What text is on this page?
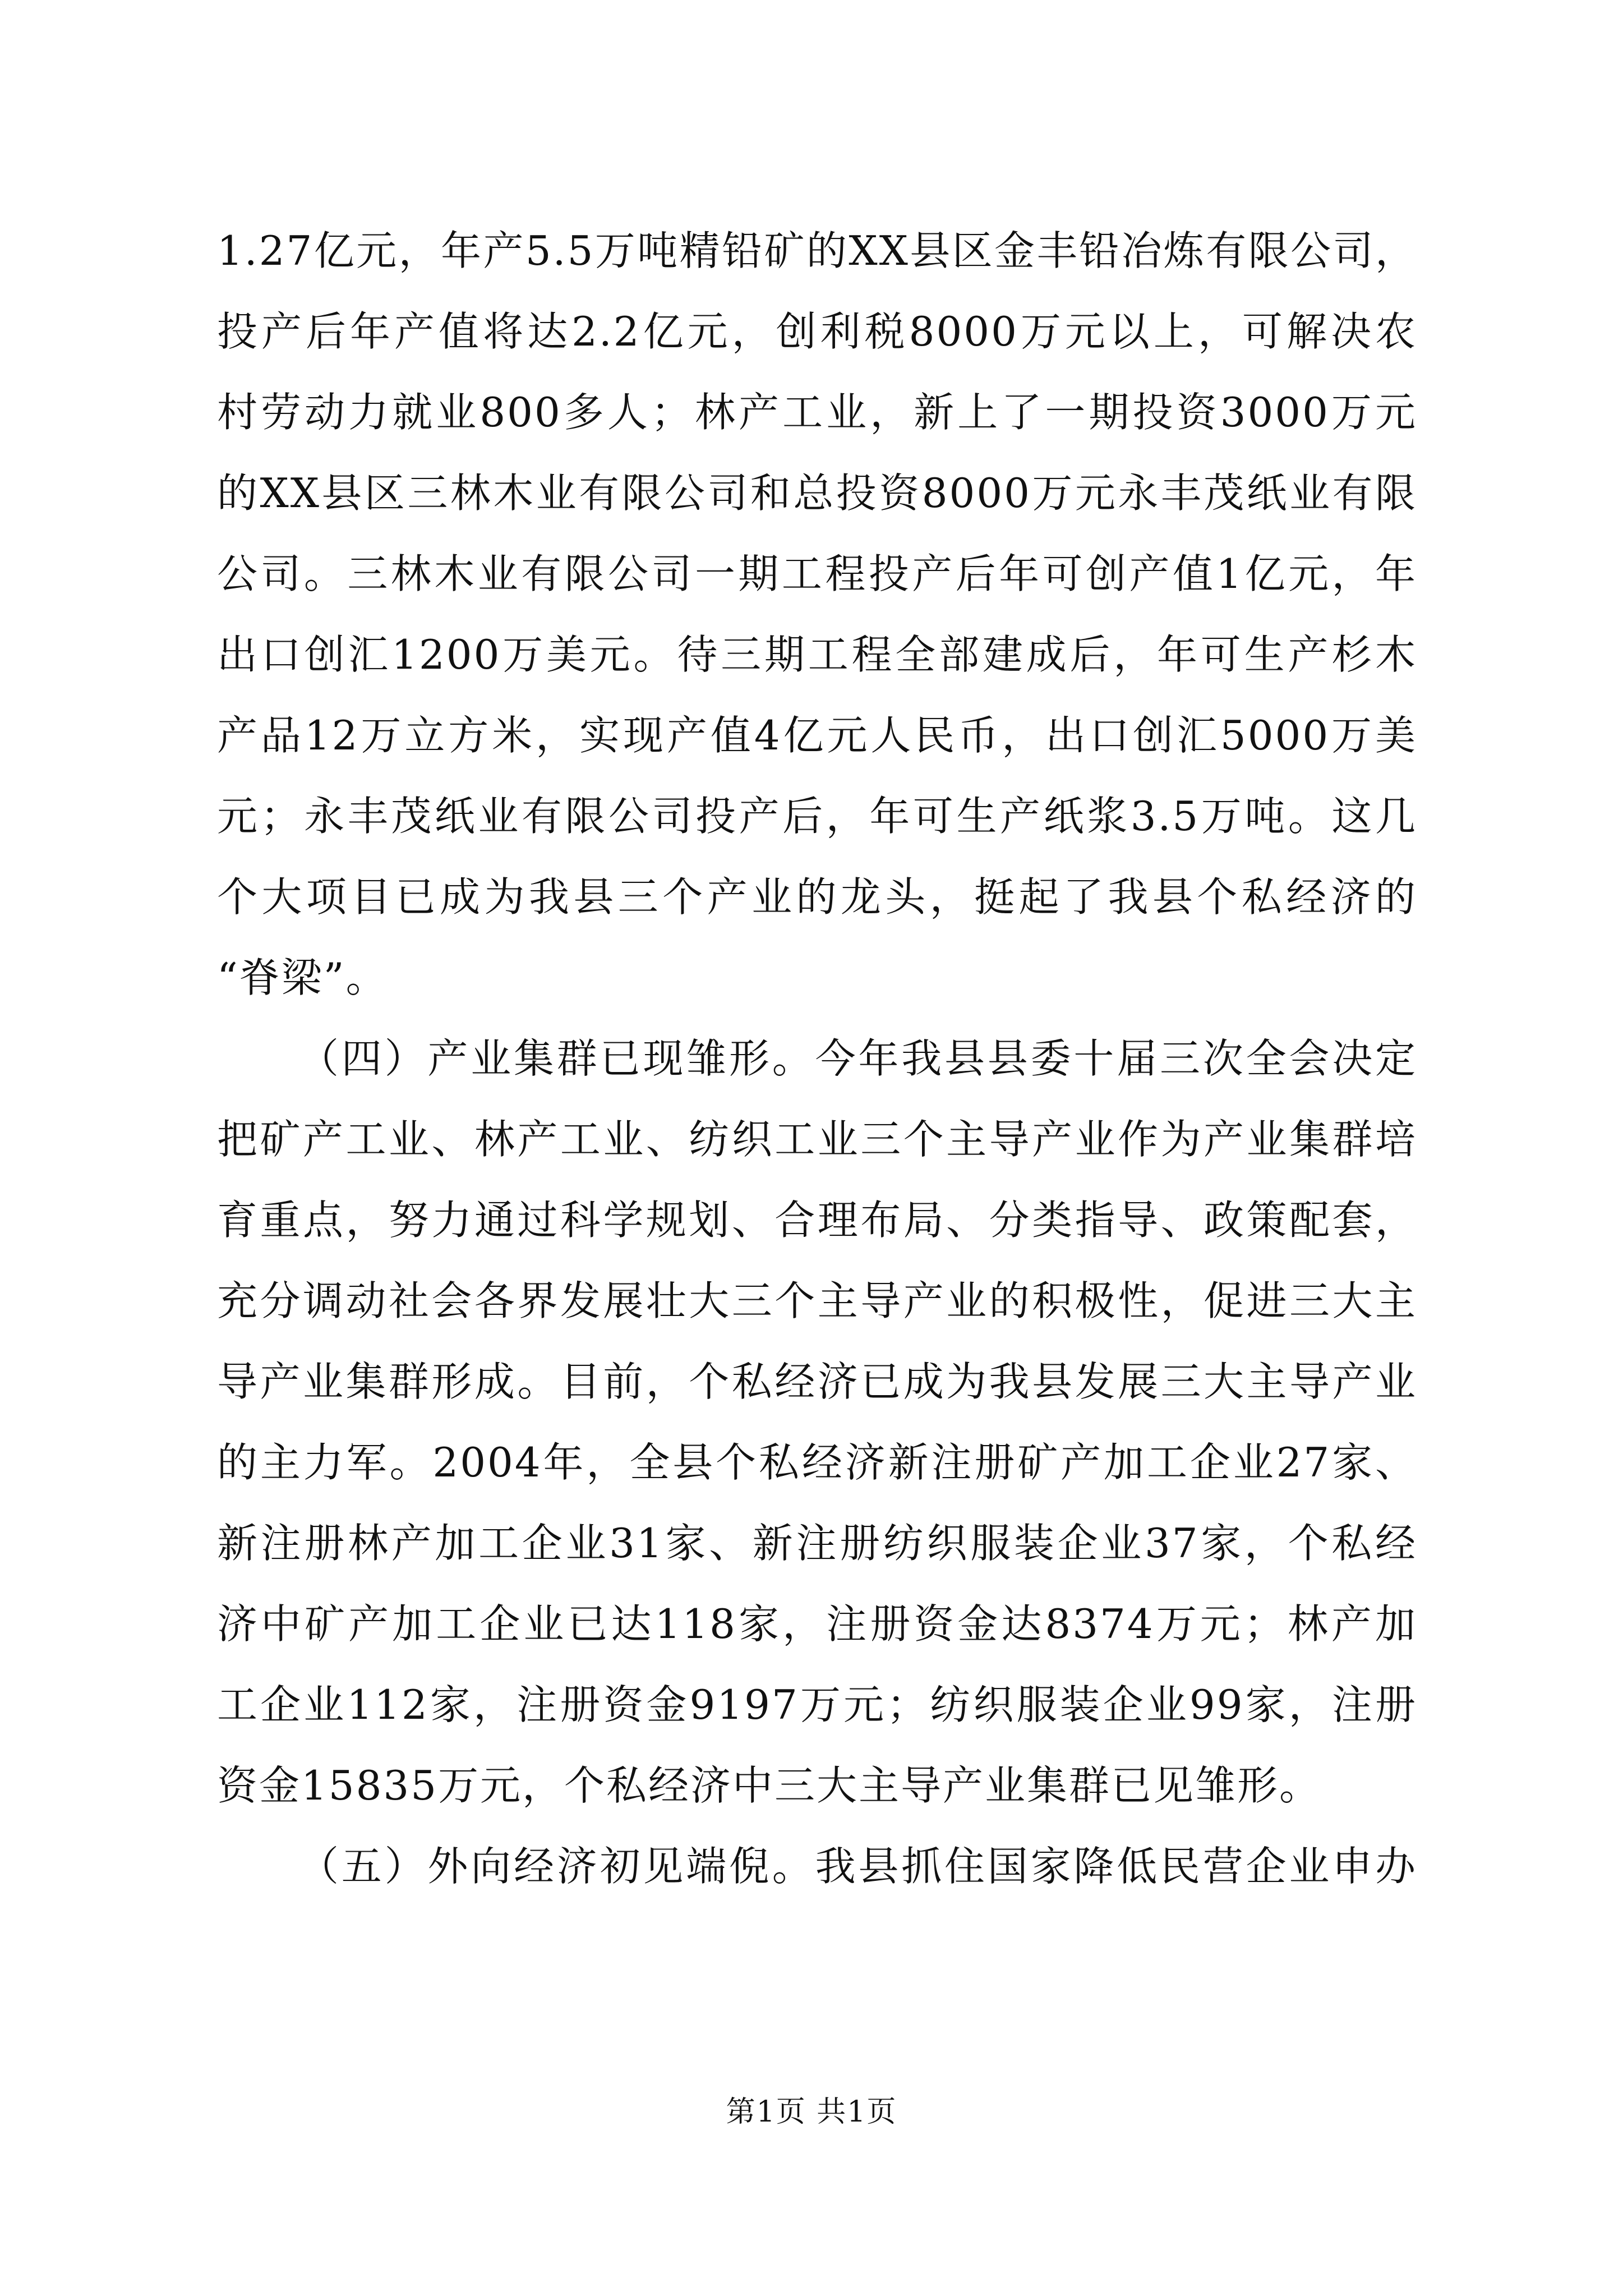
1.27亿元，年产5.5万吨精铅矿的XX县区金丰铅冶炼有限公司，
投产后年产值将达2.2亿元，创利税8000万元以上，可解决农
村劳动力就业800多人；林产工业，新上了一期投资3000万元
的XX县区三林木业有限公司和总投资8000万元永丰茂纸业有限
公司。三林木业有限公司一期工程投产后年可创产值1亿元，年
出口创汇1200万美元。待三期工程全部建成后，年可生产杉木
产品12万立方米，实现产值4亿元人民币，出口创汇5000万美
元；永丰茂纸业有限公司投产后，年可生产纸浆3.5万吨。这几
个大项目已成为我县三个产业的龙头，挺起了我县个私经济的
“脊梁”。
（四）产业集群已现雏形。今年我县县委十届三次全会决定
把矿产工业、林产工业、纺织工业三个主导产业作为产业集群培
育重点，努力通过科学规划、合理布局、分类指导、政策配套，
充分调动社会各界发展壮大三个主导产业的积极性，促进三大主
导产业集群形成。目前，个私经济已成为我县发展三大主导产业
的主力军。2004年，全县个私经济新注册矿产加工企业27家、
新注册林产加工企业31家、新注册纺织服装企业37家，个私经
济中矿产加工企业已达118家，注册资金达8374万元；林产加
工企业112家，注册资金9197万元；纺织服装企业99家，注册
资金15835万元，个私经济中三大主导产业集群已见雏形。
（五）外向经济初见端倪。我县抓住国家降低民营企业申办
第1页 共1页
